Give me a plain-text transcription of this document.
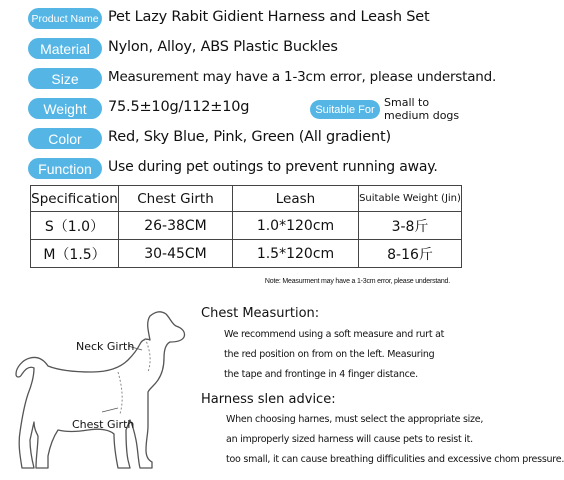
Product Name Pet Lazy Rabit Gidient Harness and Leash Set
Material	Nylon, Alloy, ABS Plastic Buckles
Size	Measurement may have a 1-3cm error, please understand.
Weight	75.5±10g/112±10g	Suitable For
Small to
medium dogs
Color	Red, Sky Blue, Pink, Green (All gradient)
Function	Use during pet outings to prevent running away.
Specification	Chest Girth	Leash	Suitable Weight (Jin)
S（1.0）	26-38CM	1.0*120cm	3-8斤
M（1.5）	30-45CM	1.5*120cm	8-16斤
Note: Measurment may have a 1-3cm error, please understand.
Neck Girth
Chest Girth
Chest Measurtion:
We recommend using a soft measure and rurt at
the red position on from on the left. Measuring
the tape and frontinge in 4 finger distance.
Harness slen advice:
When choosing harnes, must select the appropriate size,
an improperly sized harness will cause pets to resist it.
too small, it can cause breathing difficulities and excessive chom pressure.
